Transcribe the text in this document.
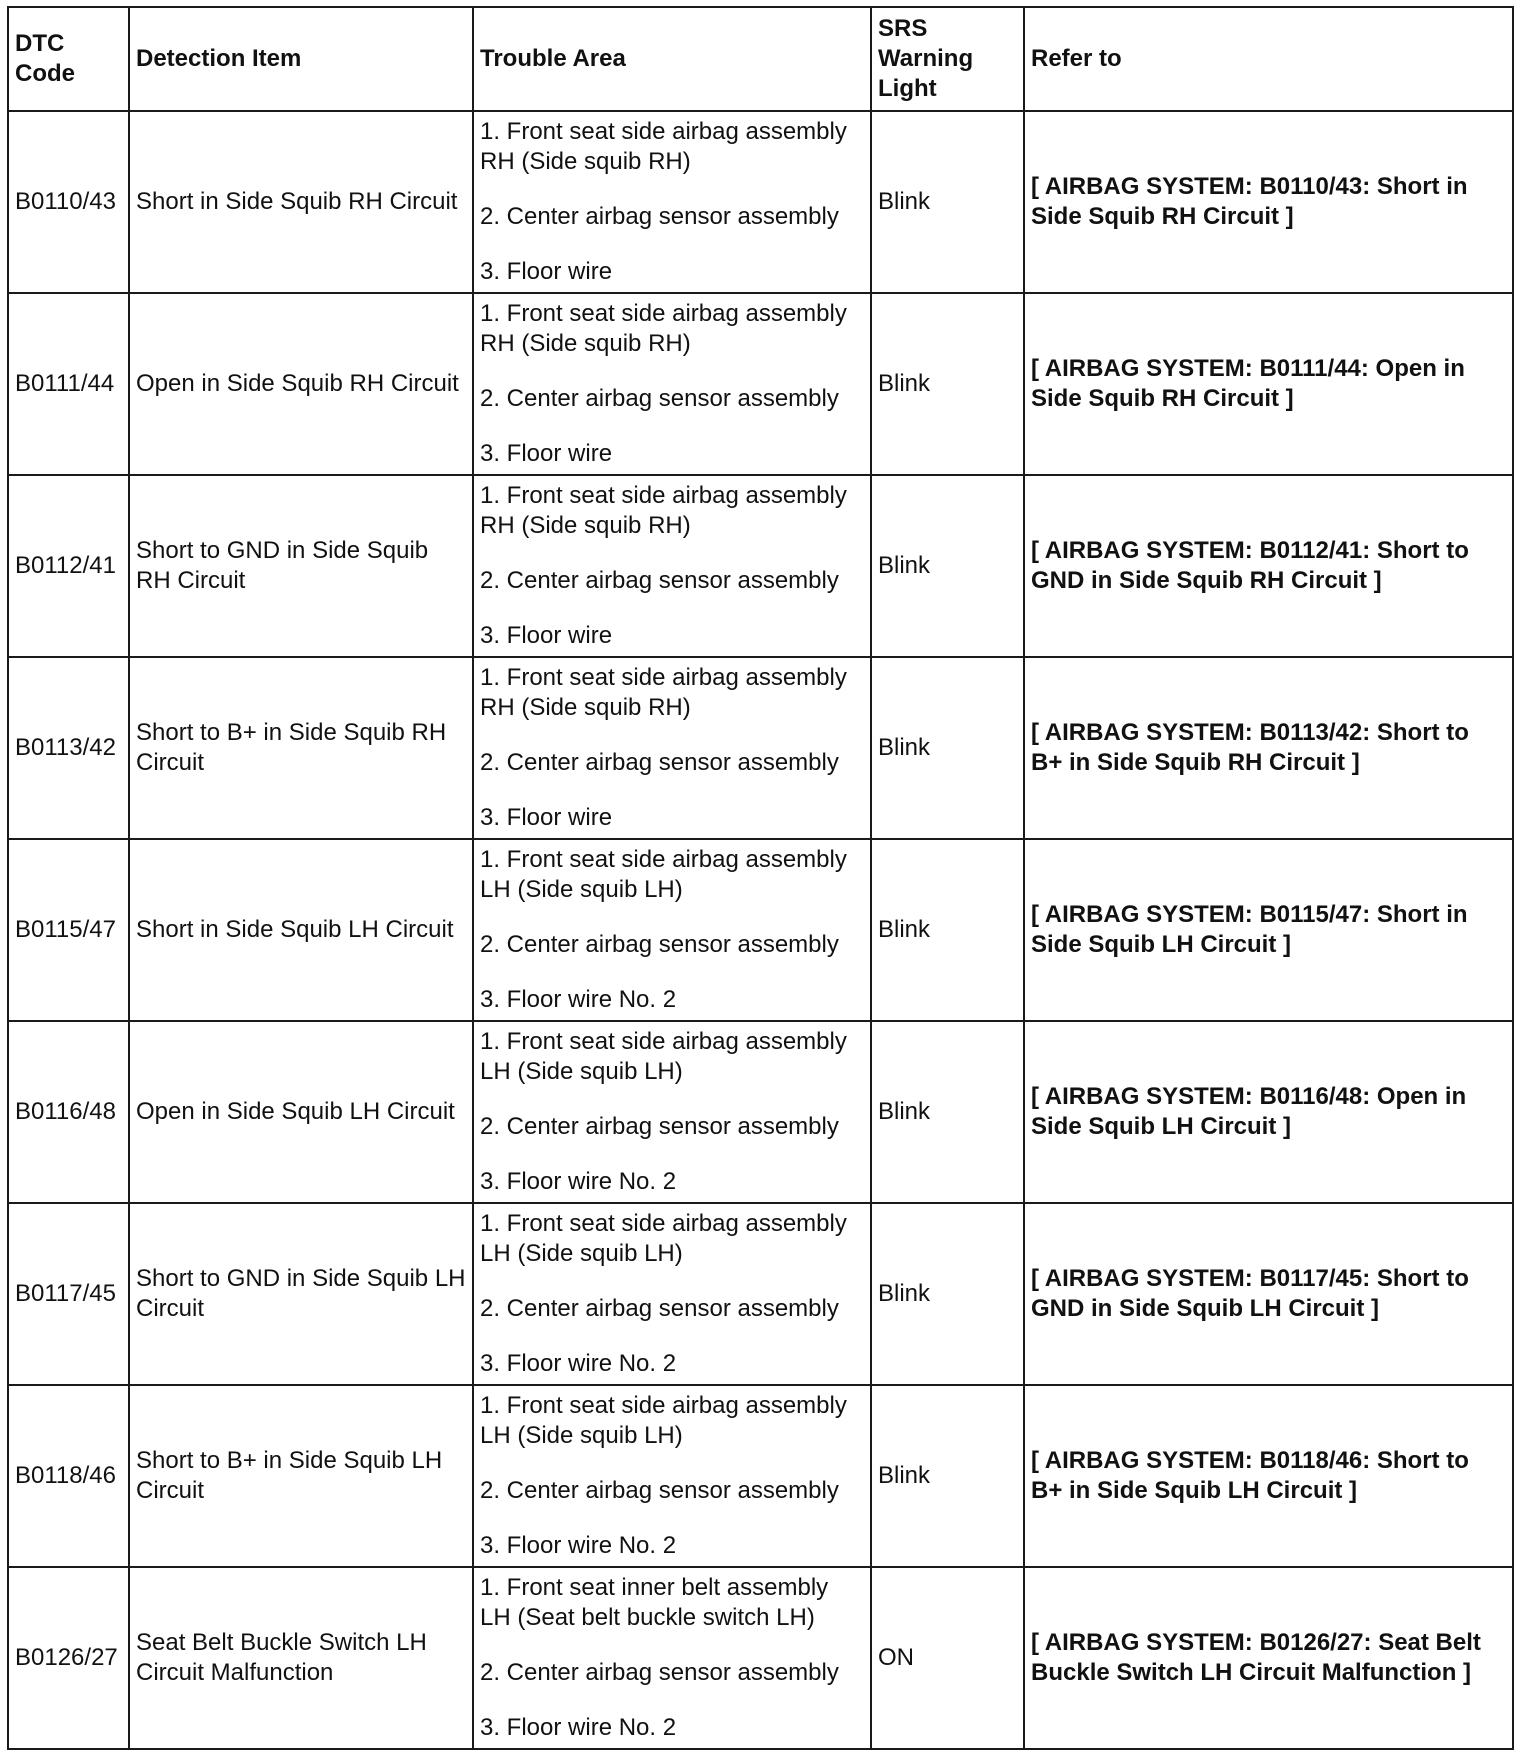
DTC Code	Detection Item	Trouble Area	SRS Warning Light	Refer to
B0110/43	Short in Side Squib RH Circuit	1. Front seat side airbag assembly RH (Side squib RH)
2. Center airbag sensor assembly
3. Floor wire	Blink	[ AIRBAG SYSTEM: B0110/43: Short in Side Squib RH Circuit ]
B0111/44	Open in Side Squib RH Circuit	1. Front seat side airbag assembly RH (Side squib RH)
2. Center airbag sensor assembly
3. Floor wire	Blink	[ AIRBAG SYSTEM: B0111/44: Open in Side Squib RH Circuit ]
B0112/41	Short to GND in Side Squib RH Circuit	1. Front seat side airbag assembly RH (Side squib RH)
2. Center airbag sensor assembly
3. Floor wire	Blink	[ AIRBAG SYSTEM: B0112/41: Short to GND in Side Squib RH Circuit ]
B0113/42	Short to B+ in Side Squib RH Circuit	1. Front seat side airbag assembly RH (Side squib RH)
2. Center airbag sensor assembly
3. Floor wire	Blink	[ AIRBAG SYSTEM: B0113/42: Short to B+ in Side Squib RH Circuit ]
B0115/47	Short in Side Squib LH Circuit	1. Front seat side airbag assembly LH (Side squib LH)
2. Center airbag sensor assembly
3. Floor wire No. 2	Blink	[ AIRBAG SYSTEM: B0115/47: Short in Side Squib LH Circuit ]
B0116/48	Open in Side Squib LH Circuit	1. Front seat side airbag assembly LH (Side squib LH)
2. Center airbag sensor assembly
3. Floor wire No. 2	Blink	[ AIRBAG SYSTEM: B0116/48: Open in Side Squib LH Circuit ]
B0117/45	Short to GND in Side Squib LH Circuit	1. Front seat side airbag assembly LH (Side squib LH)
2. Center airbag sensor assembly
3. Floor wire No. 2	Blink	[ AIRBAG SYSTEM: B0117/45: Short to GND in Side Squib LH Circuit ]
B0118/46	Short to B+ in Side Squib LH Circuit	1. Front seat side airbag assembly LH (Side squib LH)
2. Center airbag sensor assembly
3. Floor wire No. 2	Blink	[ AIRBAG SYSTEM: B0118/46: Short to B+ in Side Squib LH Circuit ]
B0126/27	Seat Belt Buckle Switch LH Circuit Malfunction	1. Front seat inner belt assembly LH (Seat belt buckle switch LH)
2. Center airbag sensor assembly
3. Floor wire No. 2	ON	[ AIRBAG SYSTEM: B0126/27: Seat Belt Buckle Switch LH Circuit Malfunction ]
